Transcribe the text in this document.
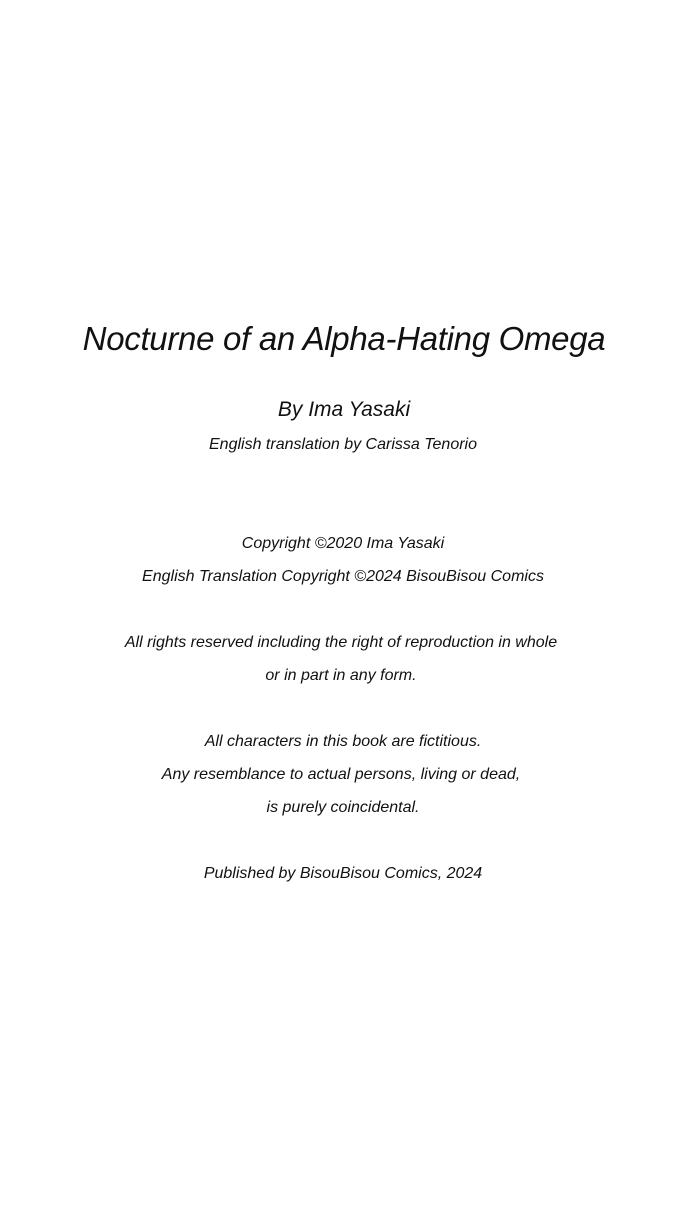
Nocturne of an Alpha-Hating Omega
By Ima Yasaki
English translation by Carissa Tenorio
Copyright ©2020 Ima Yasaki
English Translation Copyright ©2024 BisouBisou Comics
All rights reserved including the right of reproduction in whole
or in part in any form.
All characters in this book are fictitious.
Any resemblance to actual persons, living or dead,
is purely coincidental.
Published by BisouBisou Comics, 2024
